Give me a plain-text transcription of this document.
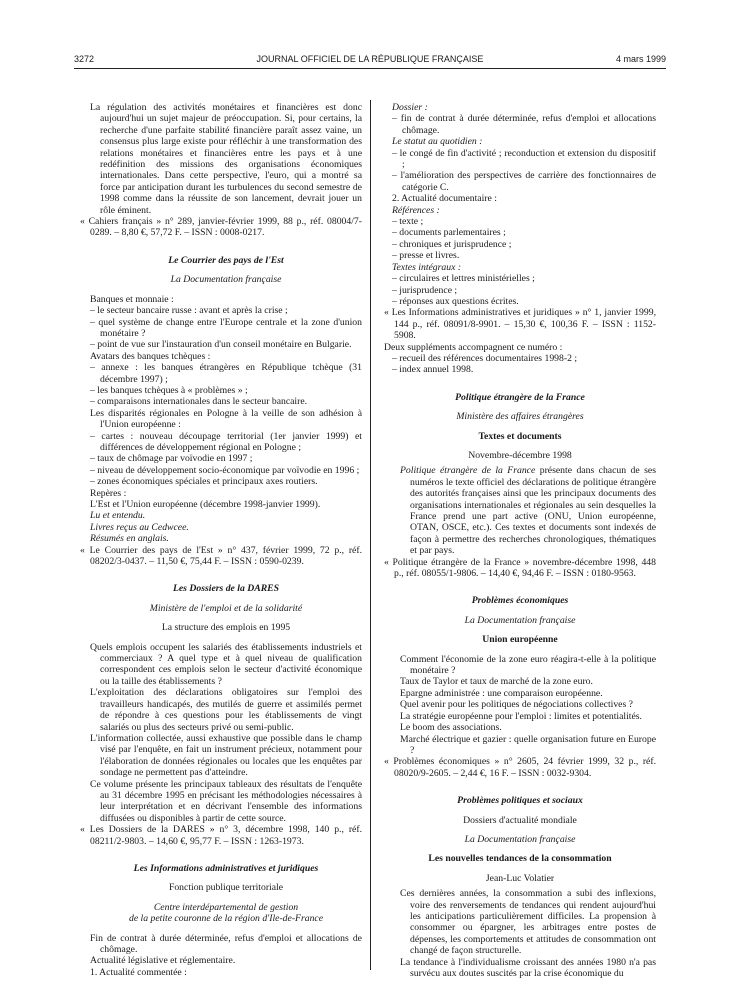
3272	JOURNAL OFFICIEL DE LA RÉPUBLIQUE FRANÇAISE	4 mars 1999

La régulation des activités monétaires et financières est donc aujourd'hui un sujet majeur de préoccupation. Si, pour certains, la recherche d'une parfaite stabilité financière paraît assez vaine, un consensus plus large existe pour réfléchir à une transformation des relations monétaires et financières entre les pays et à une redéfinition des missions des organisations économiques internationales. Dans cette perspective, l'euro, qui a montré sa force par anticipation durant les turbulences du second semestre de 1998 comme dans la réussite de son lancement, devrait jouer un rôle éminent.

« Cahiers français » n° 289, janvier-février 1999, 88 p., réf. 08004/7-0289. – 8,80 €, 57,72 F. – ISSN : 0008-0217.

Le Courrier des pays de l'Est

La Documentation française

Banques et monnaie :

– le secteur bancaire russe : avant et après la crise ;

– quel système de change entre l'Europe centrale et la zone d'union monétaire ?

– point de vue sur l'instauration d'un conseil monétaire en Bulgarie.

Avatars des banques tchèques :

– annexe : les banques étrangères en République tchèque (31 décembre 1997) ;

– les banques tchèques à « problèmes » ;

– comparaisons internationales dans le secteur bancaire.

Les disparités régionales en Pologne à la veille de son adhésion à l'Union européenne :

– cartes : nouveau découpage territorial (1er janvier 1999) et différences de développement régional en Pologne ;

– taux de chômage par voïvodie en 1997 ;

– niveau de développement socio-économique par voïvodie en 1996 ;

– zones économiques spéciales et principaux axes routiers.

Repères :

L'Est et l'Union européenne (décembre 1998-janvier 1999).

Lu et entendu.

Livres reçus au Cedwcee.

Résumés en anglais.

« Le Courrier des pays de l'Est » n° 437, février 1999, 72 p., réf. 08202/3-0437. – 11,50 €, 75,44 F. – ISSN : 0590-0239.

Les Dossiers de la DARES

Ministère de l'emploi et de la solidarité

La structure des emplois en 1995

Quels emplois occupent les salariés des établissements industriels et commerciaux ? A quel type et à quel niveau de qualification correspondent ces emplois selon le secteur d'activité économique ou la taille des établissements ?

L'exploitation des déclarations obligatoires sur l'emploi des travailleurs handicapés, des mutilés de guerre et assimilés permet de répondre à ces questions pour les établissements de vingt salariés ou plus des secteurs privé ou semi-public.

L'information collectée, aussi exhaustive que possible dans le champ visé par l'enquête, en fait un instrument précieux, notamment pour l'élaboration de données régionales ou locales que les enquêtes par sondage ne permettent pas d'atteindre.

Ce volume présente les principaux tableaux des résultats de l'enquête au 31 décembre 1995 en précisant les méthodologies nécessaires à leur interprétation et en décrivant l'ensemble des informations diffusées ou disponibles à partir de cette source.

« Les Dossiers de la DARES » n° 3, décembre 1998, 140 p., réf. 08211/2-9803. – 14,60 €, 95,77 F. – ISSN : 1263-1973.

Les Informations administratives et juridiques

Fonction publique territoriale

Centre interdépartemental de gestion

de la petite couronne de la région d'Ile-de-France

Fin de contrat à durée déterminée, refus d'emploi et allocations de chômage.

Actualité législative et réglementaire.

1. Actualité commentée :

Dossier :

– fin de contrat à durée déterminée, refus d'emploi et allocations chômage.

Le statut au quotidien :

– le congé de fin d'activité ; reconduction et extension du dispositif ;

– l'amélioration des perspectives de carrière des fonctionnaires de catégorie C.

2. Actualité documentaire :

Références :

– texte ;

– documents parlementaires ;

– chroniques et jurisprudence ;

– presse et livres.

Textes intégraux :

– circulaires et lettres ministérielles ;

– jurisprudence ;

– réponses aux questions écrites.

« Les Informations administratives et juridiques » n° 1, janvier 1999, 144 p., réf. 08091/8-9901. – 15,30 €, 100,36 F. – ISSN : 1152-5908.

Deux suppléments accompagnent ce numéro :

– recueil des références documentaires 1998-2 ;

– index annuel 1998.

Politique étrangère de la France

Ministère des affaires étrangères

Textes et documents

Novembre-décembre 1998

Politique étrangère de la France présente dans chacun de ses numéros le texte officiel des déclarations de politique étrangère des autorités françaises ainsi que les principaux documents des organisations internationales et régionales au sein desquelles la France prend une part active (ONU, Union européenne, OTAN, OSCE, etc.). Ces textes et documents sont indexés de façon à permettre des recherches chronologiques, thématiques et par pays.

« Politique étrangère de la France » novembre-décembre 1998, 448 p., réf. 08055/1-9806. – 14,40 €, 94,46 F. – ISSN : 0180-9563.

Problèmes économiques

La Documentation française

Union européenne

Comment l'économie de la zone euro réagira-t-elle à la politique monétaire ?

Taux de Taylor et taux de marché de la zone euro.

Epargne administrée : une comparaison européenne.

Quel avenir pour les politiques de négociations collectives ?

La stratégie européenne pour l'emploi : limites et potentialités.

Le boom des associations.

Marché électrique et gazier : quelle organisation future en Europe ?

« Problèmes économiques » n° 2605, 24 février 1999, 32 p., réf. 08020/9-2605. – 2,44 €, 16 F. – ISSN : 0032-9304.

Problèmes politiques et sociaux

Dossiers d'actualité mondiale

La Documentation française

Les nouvelles tendances de la consommation

Jean-Luc Volatier

Ces dernières années, la consommation a subi des inflexions, voire des renversements de tendances qui rendent aujourd'hui les anticipations particulièrement difficiles. La propension à consommer ou épargner, les arbitrages entre postes de dépenses, les comportements et attitudes de consommation ont changé de façon structurelle.

La tendance à l'individualisme croissant des années 1980 n'a pas survécu aux doutes suscités par la crise économique du
